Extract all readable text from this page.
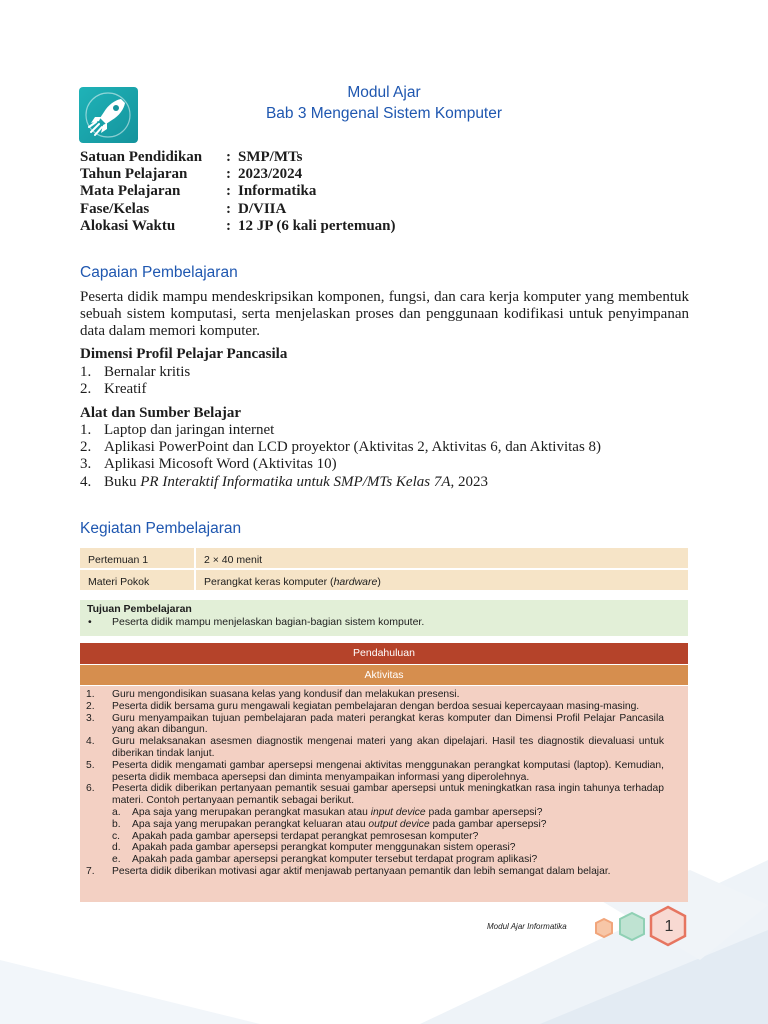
Modul Ajar
Bab 3 Mengenal Sistem Komputer
Satuan Pendidikan	: SMP/MTs
Tahun Pelajaran	: 2023/2024
Mata Pelajaran	: Informatika
Fase/Kelas	: D/VIIA
Alokasi Waktu	: 12 JP (6 kali pertemuan)
Capaian Pembelajaran
Peserta didik mampu mendeskripsikan komponen, fungsi, dan cara kerja komputer yang membentuk sebuah sistem komputasi, serta menjelaskan proses dan penggunaan kodifikasi untuk penyimpanan data dalam memori komputer.
Dimensi Profil Pelajar Pancasila
1. Bernalar kritis
2. Kreatif
Alat dan Sumber Belajar
1. Laptop dan jaringan internet
2. Aplikasi PowerPoint dan LCD proyektor (Aktivitas 2, Aktivitas 6, dan Aktivitas 8)
3. Aplikasi Micosoft Word (Aktivitas 10)
4. Buku PR Interaktif Informatika untuk SMP/MTs Kelas 7A, 2023
Kegiatan Pembelajaran
Pertemuan 1	2 × 40 menit
Materi Pokok	Perangkat keras komputer (hardware)
Tujuan Pembelajaran
• Peserta didik mampu menjelaskan bagian-bagian sistem komputer.
Pendahuluan
Aktivitas
1.	Guru mengondisikan suasana kelas yang kondusif dan melakukan presensi.
2.	Peserta didik bersama guru mengawali kegiatan pembelajaran dengan berdoa sesuai kepercayaan masing-masing.
3.	Guru menyampaikan tujuan pembelajaran pada materi perangkat keras komputer dan Dimensi Profil Pelajar Pancasila yang akan dibangun.
4.	Guru melaksanakan asesmen diagnostik mengenai materi yang akan dipelajari. Hasil tes diagnostik dievaluasi untuk diberikan tindak lanjut.
5.	Peserta didik mengamati gambar apersepsi mengenai aktivitas menggunakan perangkat komputasi (laptop). Kemudian, peserta didik membaca apersepsi dan diminta menyampaikan informasi yang diperolehnya.
6.	Peserta didik diberikan pertanyaan pemantik sesuai gambar apersepsi untuk meningkatkan rasa ingin tahunya terhadap materi. Contoh pertanyaan pemantik sebagai berikut.
a.	Apa saja yang merupakan perangkat masukan atau input device pada gambar apersepsi?
b.	Apa saja yang merupakan perangkat keluaran atau output device pada gambar apersepsi?
c.	Apakah pada gambar apersepsi terdapat perangkat pemrosesan komputer?
d.	Apakah pada gambar apersepsi perangkat komputer menggunakan sistem operasi?
e.	Apakah pada gambar apersepsi perangkat komputer tersebut terdapat program aplikasi?
7.	Peserta didik diberikan motivasi agar aktif menjawab pertanyaan pemantik dan lebih semangat dalam belajar.
Modul Ajar Informatika	1
